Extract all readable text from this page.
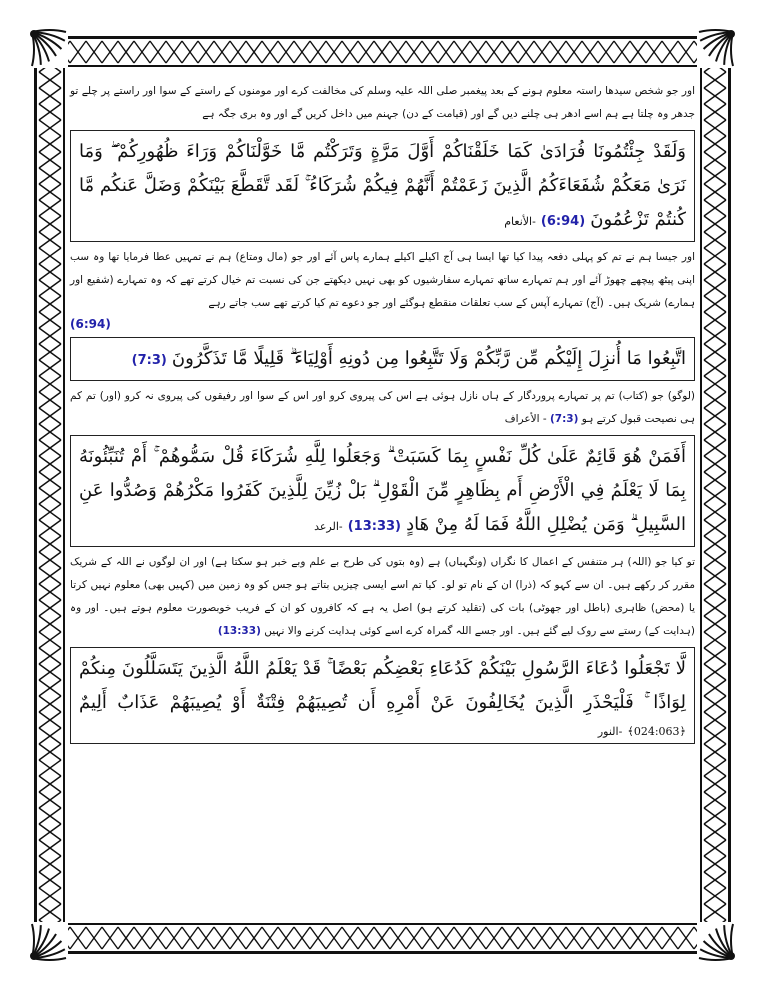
اور جو شخص سیدھا راستہ معلوم ہونے کے بعد پیغمبر صلی اللہ علیہ وسلم کی مخالفت کرے اور مومنوں کے راستے کے سوا اور راستے پر چلے تو جدھر وہ چلتا ہے ہم اسے ادھر ہی چلنے دیں گے اور (قیامت کے دن) جہنم میں داخل کریں گے اور وہ بری جگہ ہے

وَلَقَدْ جِئْتُمُونَا فُرَادَىٰ كَمَا خَلَقْنَاكُمْ أَوَّلَ مَرَّةٍ وَتَرَكْتُم مَّا خَوَّلْنَاكُمْ وَرَاءَ ظُهُورِكُمْ ۖ وَمَا نَرَىٰ مَعَكُمْ شُفَعَاءَكُمُ الَّذِينَ زَعَمْتُمْ أَنَّهُمْ فِيكُمْ شُرَكَاءُ ۚ لَقَد تَّقَطَّعَ بَيْنَكُمْ وَضَلَّ عَنكُم مَّا كُنتُمْ تَزْعُمُونَ (6:94) -الأنعام

اور جیسا ہم نے تم کو پہلی دفعہ پیدا کیا تھا ایسا ہی آج اکیلے اکیلے ہمارے پاس آئے اور جو (مال ومتاع) ہم نے تمہیں عطا فرمایا تھا وہ سب اپنی پیٹھ پیچھے چھوڑ آئے اور ہم تمہارے ساتھ تمہارے سفارشیوں کو بھی نہیں دیکھتے جن کی نسبت تم خیال کرتے تھے کہ وہ تمہارے (شفیع اور ہمارے) شریک ہیں۔ (آج) تمہارے آپس کے سب تعلقات منقطع ہوگئے اور جو دعوے تم کیا کرتے تھے سب جاتے رہے

(6:94)

اتَّبِعُوا مَا أُنزِلَ إِلَيْكُم مِّن رَّبِّكُمْ وَلَا تَتَّبِعُوا مِن دُونِهِ أَوْلِيَاءَ ۗ قَلِيلًا مَّا تَذَكَّرُونَ (7:3)

(لوگو) جو (کتاب) تم پر تمہارے پروردگار کے ہاں نازل ہوئی ہے اس کی پیروی کرو اور اس کے سوا اور رفیقوں کی پیروی نہ کرو (اور) تم کم ہی نصیحت قبول کرتے ہو (7:3) - الأعراف

أَفَمَنْ هُوَ قَائِمٌ عَلَىٰ كُلِّ نَفْسٍ بِمَا كَسَبَتْ ۗ وَجَعَلُوا لِلَّهِ شُرَكَاءَ قُلْ سَمُّوهُمْ ۚ أَمْ تُنَبِّئُونَهُ بِمَا لَا يَعْلَمُ فِي الْأَرْضِ أَم بِظَاهِرٍ مِّنَ الْقَوْلِ ۗ بَلْ زُيِّنَ لِلَّذِينَ كَفَرُوا مَكْرُهُمْ وَصُدُّوا عَنِ السَّبِيلِ ۗ وَمَن يُضْلِلِ اللَّهُ فَمَا لَهُ مِنْ هَادٍ (13:33) -الرعد

تو کیا جو (اللہ) ہر متنفس کے اعمال کا نگراں (ونگہباں) ہے (وہ بتوں کی طرح بے علم وبے خبر ہو سکتا ہے) اور ان لوگوں نے اللہ کے شریک مقرر کر رکھے ہیں۔ ان سے کہو کہ (ذرا) ان کے نام تو لو۔ کیا تم اسے ایسی چیزیں بتاتے ہو جس کو وہ زمین میں (کہیں بھی) معلوم نہیں کرتا یا (محض) ظاہری (باطل اور جھوٹی) بات کی (تقلید کرتے ہو) اصل یہ ہے کہ کافروں کو ان کے فریب خوبصورت معلوم ہوتے ہیں۔ اور وہ (ہدایت کے) رستے سے روک لیے گئے ہیں۔ اور جسے اللہ گمراہ کرے اسے کوئی ہدایت کرنے والا نہیں (13:33)

لَّا تَجْعَلُوا دُعَاءَ الرَّسُولِ بَيْنَكُمْ كَدُعَاءِ بَعْضِكُم بَعْضًا ۚ قَدْ يَعْلَمُ اللَّهُ الَّذِينَ يَتَسَلَّلُونَ مِنكُمْ لِوَاذًا ۚ فَلْيَحْذَرِ الَّذِينَ يُخَالِفُونَ عَنْ أَمْرِهِ أَن تُصِيبَهُمْ فِتْنَةٌ أَوْ يُصِيبَهُمْ عَذَابٌ أَلِيمٌ ﴿024:063﴾ -النور
